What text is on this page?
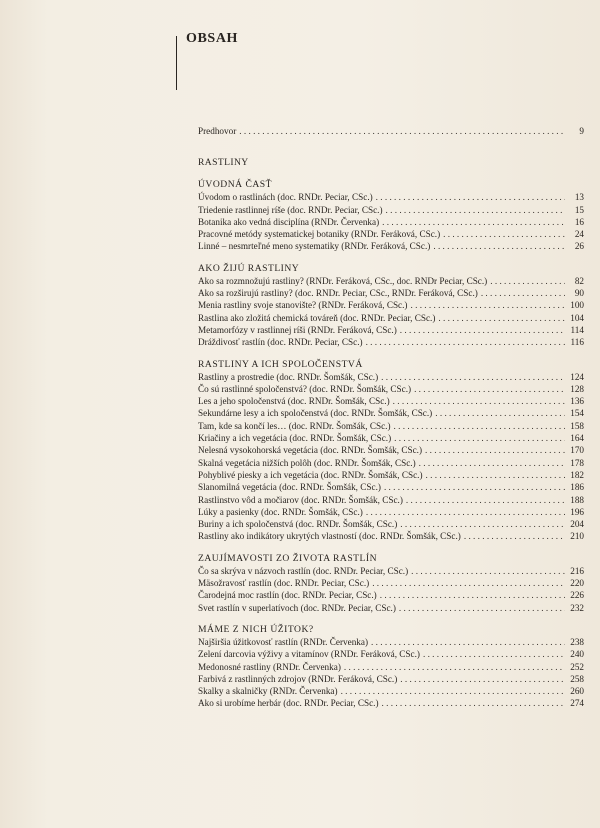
OBSAH
Predhovor . . .	9
RASTLINY
ÚVODNÁ ČASŤ
Úvodom o rastlinách (doc. RNDr. Peciar, CSc.) . . .	13
Triedenie rastlinnej ríše (doc. RNDr. Peciar, CSc.) . . .	15
Botanika ako vedná disciplína (RNDr. Červenka) . . .	16
Pracovné metódy systematickej botaniky (RNDr. Feráková, CSc.) . . .	24
Linné – nesmrteľné meno systematiky (RNDr. Feráková, CSc.) . . .	26
AKO ŽIJÚ RASTLINY
Ako sa rozmnožujú rastliny? (RNDr. Feráková, CSc., doc. RNDr Peciar, CSc.) . . .	82
Ako sa rozširujú rastliny? (doc. RNDr. Peciar, CSc., RNDr. Feráková, CSc.) . . .	90
Menia rastliny svoje stanovište? (RNDr. Feráková, CSc.) . . .	100
Rastlina ako zložitá chemická továreň (doc. RNDr. Peciar, CSc.) . . .	104
Metamorfózy v rastlinnej ríši (RNDr. Feráková, CSc.) . . .	114
Dráždivosť rastlín (doc. RNDr. Peciar, CSc.) . . .	116
RASTLINY A ICH SPOLOČENSTVÁ
Rastliny a prostredie (doc. RNDr. Šomšák, CSc.) . . .	124
Čo sú rastlinné spoločenstvá? (doc. RNDr. Šomšák, CSc.) . . .	128
Les a jeho spoločenstvá (doc. RNDr. Šomšák, CSc.) . . .	136
Sekundárne lesy a ich spoločenstvá (doc. RNDr. Šomšák, CSc.) . . .	154
Tam, kde sa končí les… (doc. RNDr. Šomšák, CSc.) . . .	158
Kriačiny a ich vegetácia (doc. RNDr. Šomšák, CSc.) . . .	164
Nelesná vysokohorská vegetácia (doc. RNDr. Šomšák, CSc.) . . .	170
Skalná vegetácia nižších polôh (doc. RNDr. Šomšák, CSc.) . . .	178
Pohyblivé piesky a ich vegetácia (doc. RNDr. Šomšák, CSc.) . . .	182
Slanomilná vegetácia (doc. RNDr. Šomšák, CSc.) . . .	186
Rastlinstvo vôd a močiarov (doc. RNDr. Šomšák, CSc.) . . .	188
Lúky a pasienky (doc. RNDr. Šomšák, CSc.) . . .	196
Buriny a ich spoločenstvá (doc. RNDr. Šomšák, CSc.) . . .	204
Rastliny ako indikátory ukrytých vlastností (doc. RNDr. Šomšák, CSc.) . . .	210
ZAUJÍMAVOSTI ZO ŽIVOTA RASTLÍN
Čo sa skrýva v názvoch rastlín (doc. RNDr. Peciar, CSc.) . . .	216
Mäsožravosť rastlín (doc. RNDr. Peciar, CSc.) . . .	220
Čarodejná moc rastlín (doc. RNDr. Peciar, CSc.) . . .	226
Svet rastlín v superlatívoch (doc. RNDr. Peciar, CSc.) . . .	232
MÁME Z NICH ÚŽITOK?
Najširšia úžitkovosť rastlín (RNDr. Červenka) . . .	238
Zelení darcovia výživy a vitamínov (RNDr. Feráková, CSc.) . . .	240
Medonosné rastliny (RNDr. Červenka) . . .	252
Farbivá z rastlinných zdrojov (RNDr. Feráková, CSc.) . . .	258
Skalky a skalničky (RNDr. Červenka) . . .	260
Ako si urobíme herbár (doc. RNDr. Peciar, CSc.) . . .	274
